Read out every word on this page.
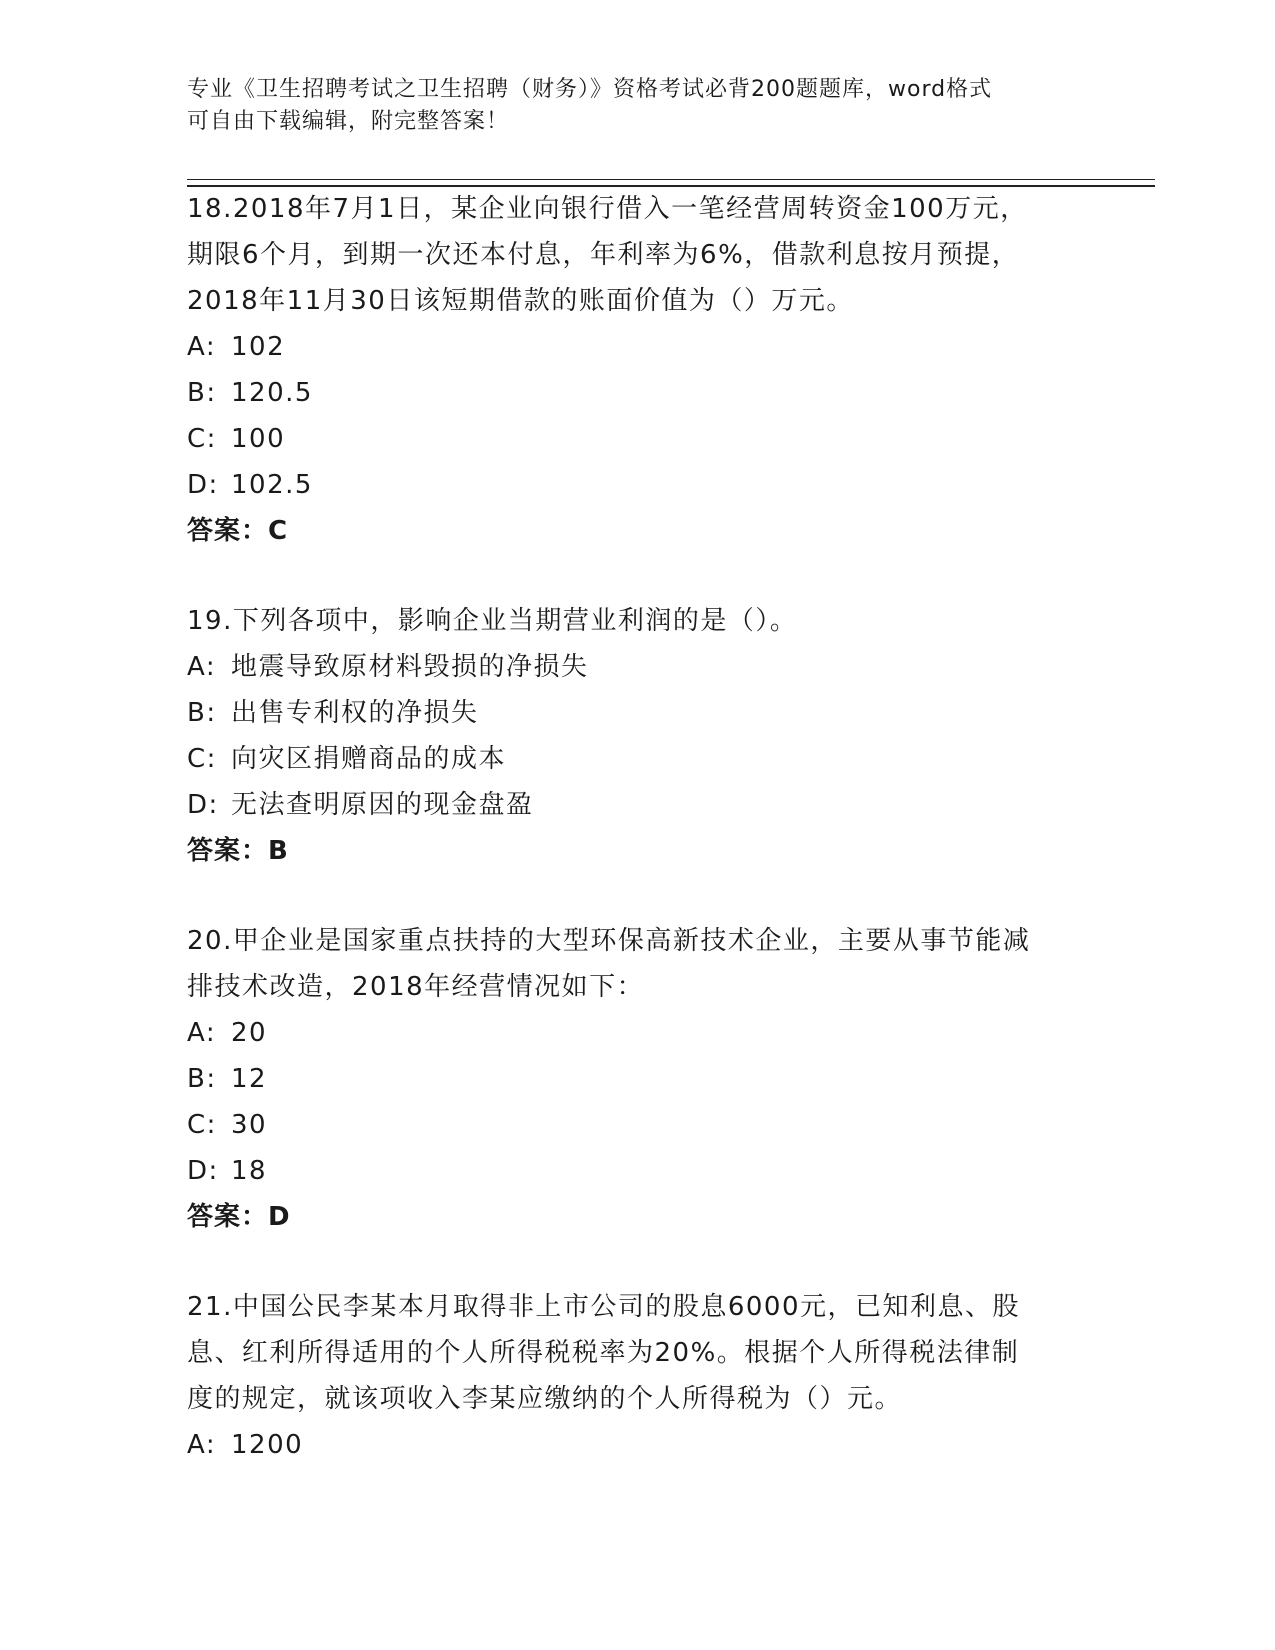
专业《卫生招聘考试之卫生招聘（财务）》资格考试必背200题题库，word格式
可自由下载编辑，附完整答案！
18.2018年7月1日，某企业向银行借入一笔经营周转资金100万元，
期限6个月，到期一次还本付息，年利率为6%，借款利息按月预提，
2018年11月30日该短期借款的账面价值为（）万元。
A: 102
B: 120.5
C: 100
D: 102.5
答案：C
19.下列各项中，影响企业当期营业利润的是（）。
A: 地震导致原材料毁损的净损失
B: 出售专利权的净损失
C: 向灾区捐赠商品的成本
D: 无法查明原因的现金盘盈
答案：B
20.甲企业是国家重点扶持的大型环保高新技术企业，主要从事节能减
排技术改造，2018年经营情况如下：
A: 20
B: 12
C: 30
D: 18
答案：D
21.中国公民李某本月取得非上市公司的股息6000元，已知利息、股
息、红利所得适用的个人所得税税率为20%。根据个人所得税法律制
度的规定，就该项收入李某应缴纳的个人所得税为（）元。
A: 1200
